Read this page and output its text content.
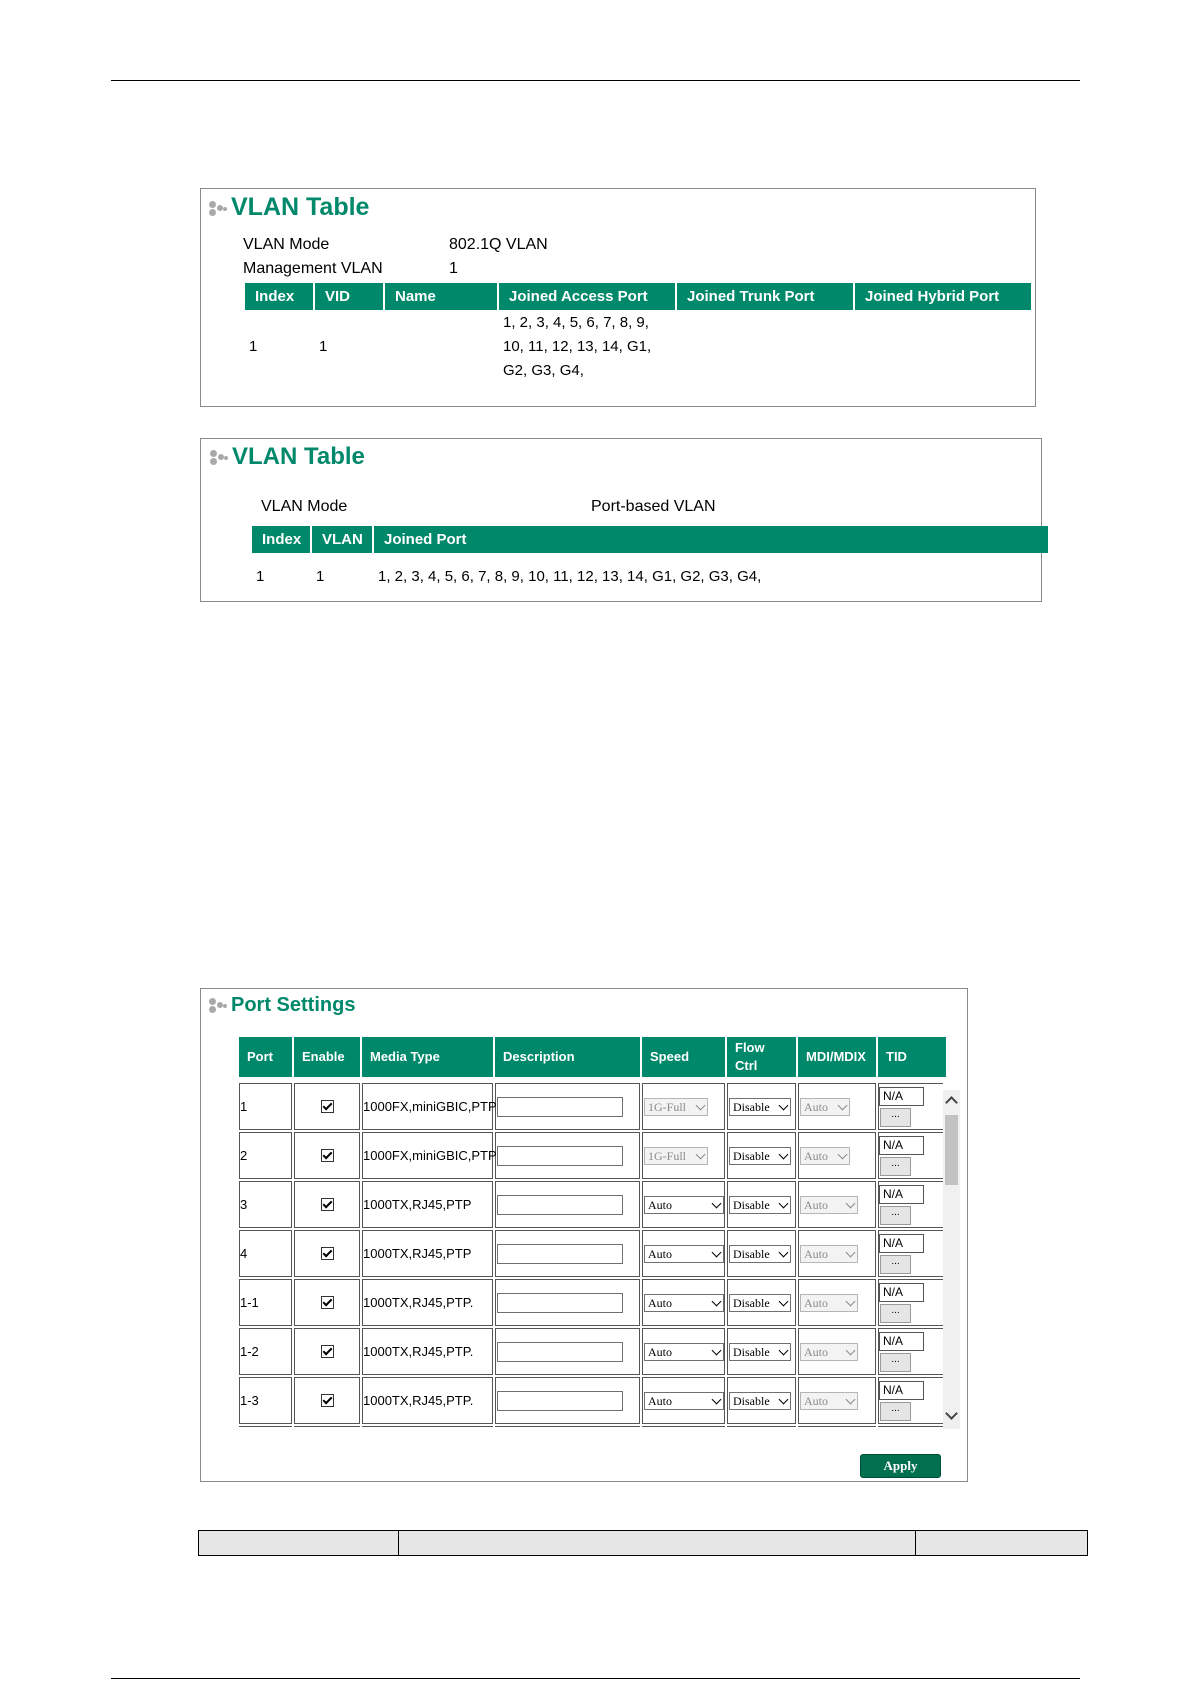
VLAN Table
VLAN Mode	802.1Q VLAN
Management VLAN	1
Index	VID	Name	Joined Access Port	Joined Trunk Port	Joined Hybrid Port
1	1		1, 2, 3, 4, 5, 6, 7, 8, 9, 10, 11, 12, 13, 14, G1, G2, G3, G4,		
VLAN Table
VLAN Mode	Port-based VLAN
Index	VLAN	Joined Port
1	1	1, 2, 3, 4, 5, 6, 7, 8, 9, 10, 11, 12, 13, 14, G1, G2, G3, G4,
Port Settings
Port	Enable	Media Type	Description	Speed	Flow Ctrl	MDI/MDIX	TID
1		1000FX,miniGBIC,PTP		1G-Full	Disable	Auto	N/A
...

2		1000FX,miniGBIC,PTP		1G-Full	Disable	Auto	N/A
...

3		1000TX,RJ45,PTP		Auto	Disable	Auto	N/A
...

4		1000TX,RJ45,PTP		Auto	Disable	Auto	N/A
...

1-1		1000TX,RJ45,PTP.		Auto	Disable	Auto	N/A
...

1-2		1000TX,RJ45,PTP.		Auto	Disable	Auto	N/A
...

1-3		1000TX,RJ45,PTP.		Auto	Disable	Auto	N/A
...

Apply
